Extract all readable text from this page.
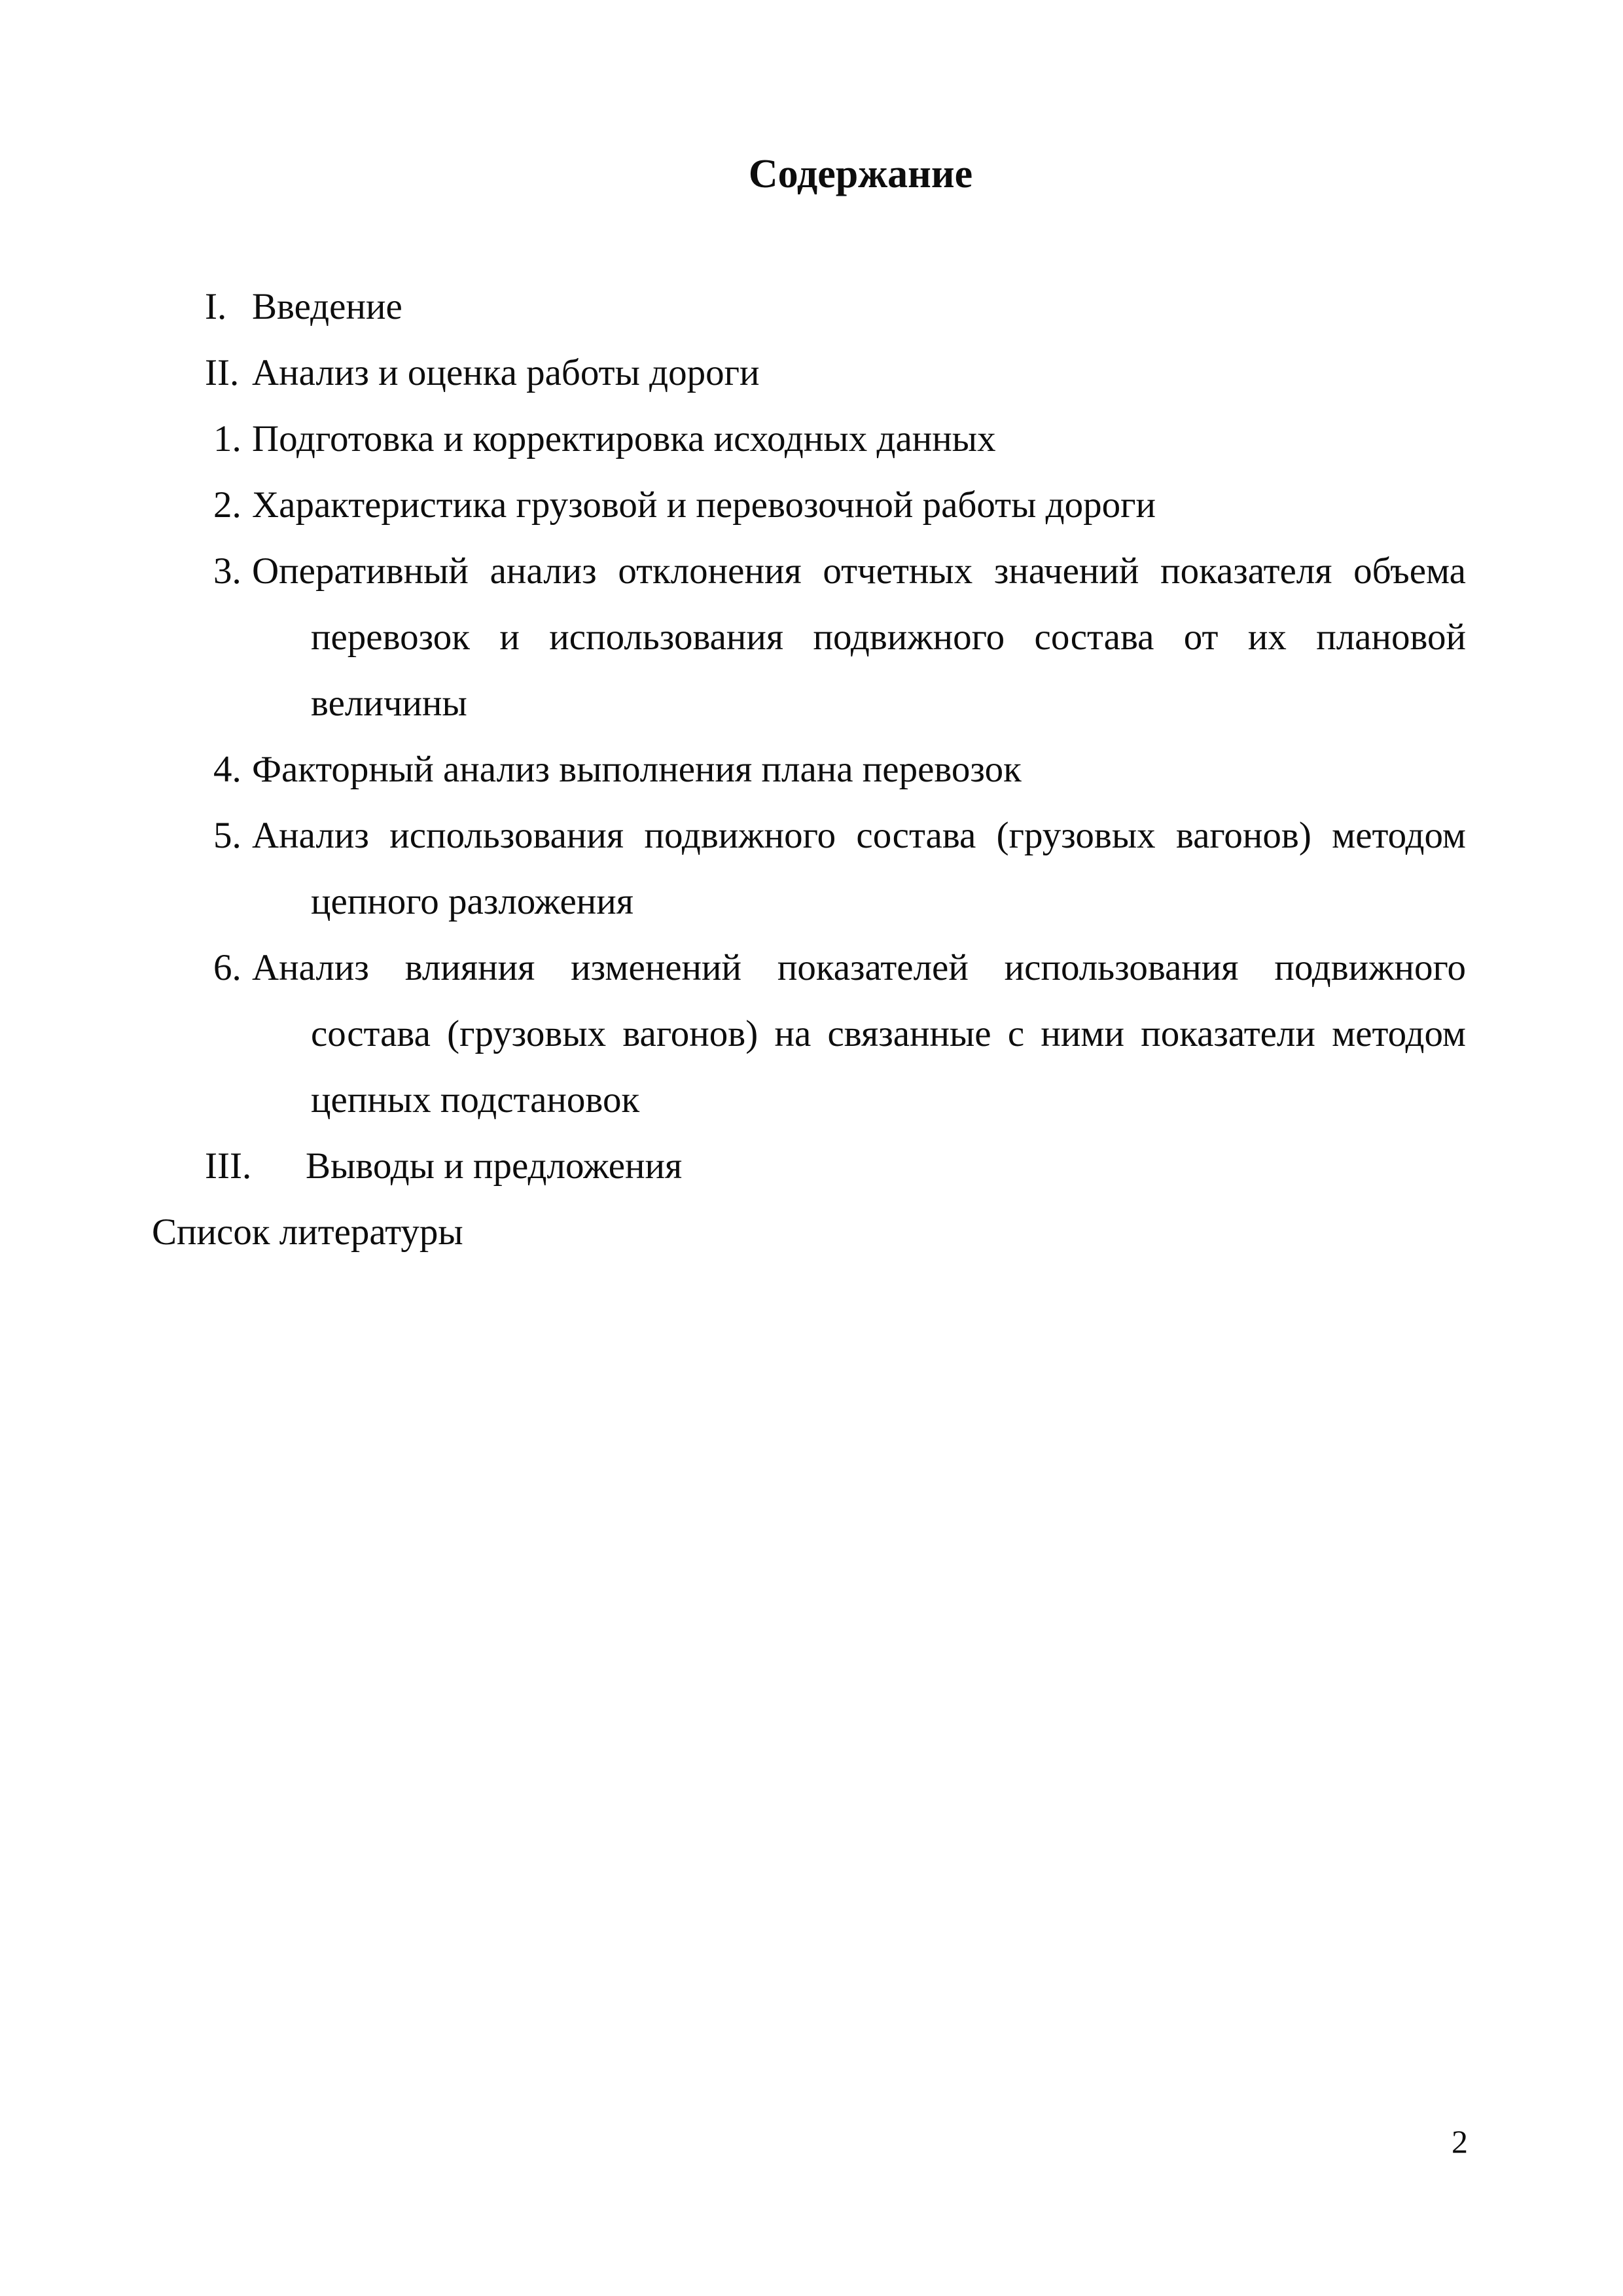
Содержание
I. Введение
II. Анализ и оценка работы дороги
1. Подготовка и корректировка исходных данных
2. Характеристика грузовой и перевозочной работы дороги
3. Оперативный анализ отклонения отчетных значений показателя объема
перевозок и использования подвижного состава от их плановой
величины
4. Факторный анализ выполнения плана перевозок
5. Анализ использования подвижного состава (грузовых вагонов) методом
цепного разложения
6. Анализ влияния изменений показателей использования подвижного
состава (грузовых вагонов) на связанные с ними показатели методом
цепных подстановок
III. Выводы и предложения
Список литературы
2
